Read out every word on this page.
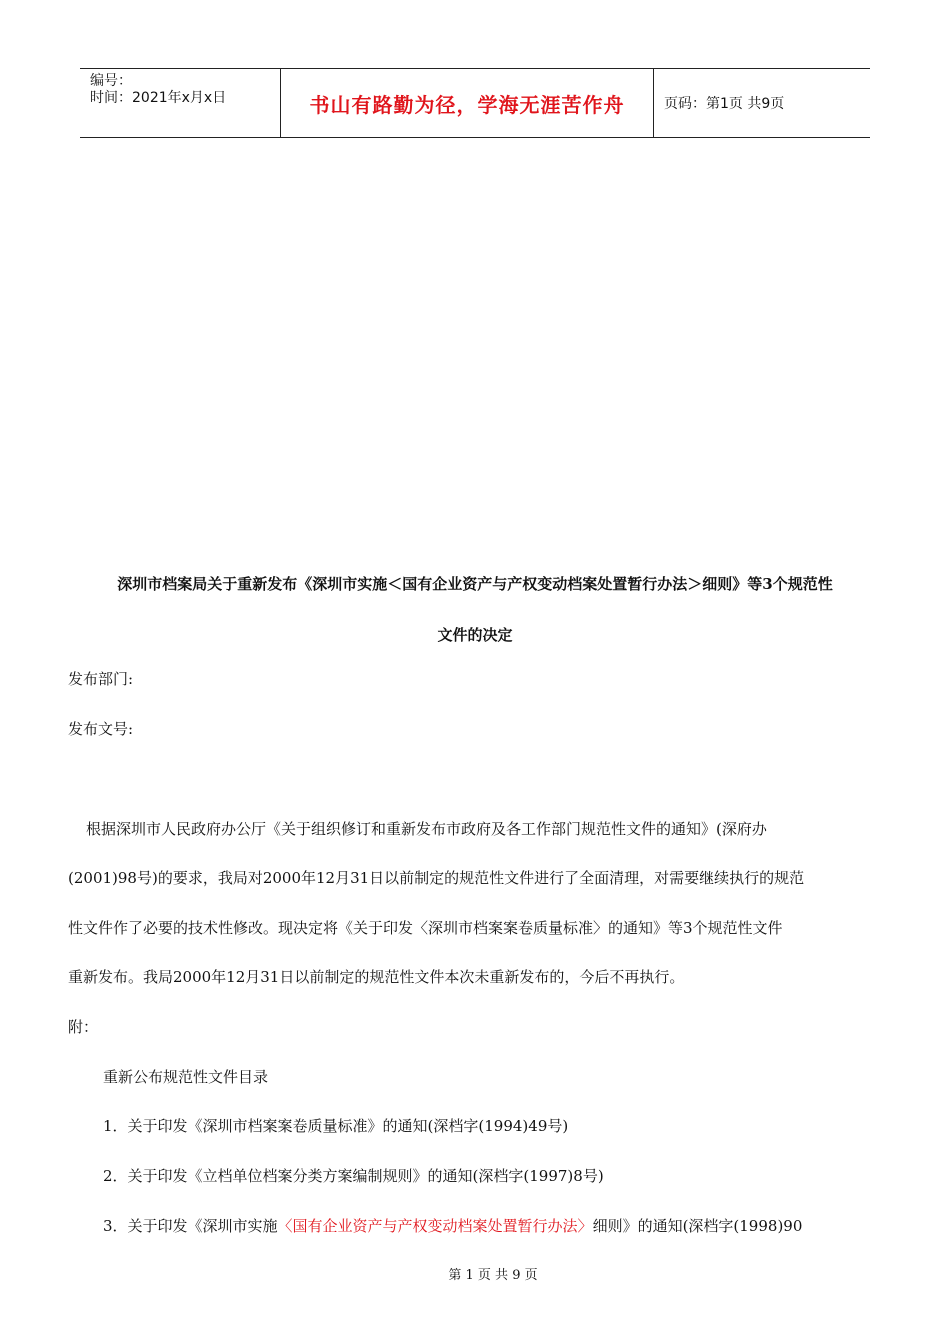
编号：
时间：2021年x月x日	书山有路勤为径，学海无涯苦作舟	页码：第1页 共9页
深圳市档案局关于重新发布《深圳市实施＜国有企业资产与产权变动档案处置暂行办法＞细则》等3个规范性
文件的决定
发布部门:
发布文号:
根据深圳市人民政府办公厅《关于组织修订和重新发布市政府及各工作部门规范性文件的通知》(深府办
(2001)98号)的要求，我局对2000年12月31日以前制定的规范性文件进行了全面清理，对需要继续执行的规范
性文件作了必要的技术性修改。现决定将《关于印发〈深圳市档案案卷质量标准〉的通知》等3个规范性文件
重新发布。我局2000年12月31日以前制定的规范性文件本次未重新发布的，今后不再执行。
附：
重新公布规范性文件目录
1．关于印发《深圳市档案案卷质量标准》的通知(深档字(1994)49号)
2．关于印发《立档单位档案分类方案编制规则》的通知(深档字(1997)8号)
3．关于印发《深圳市实施〈国有企业资产与产权变动档案处置暂行办法〉细则》的通知(深档字(1998)90
第 1 页 共 9 页
